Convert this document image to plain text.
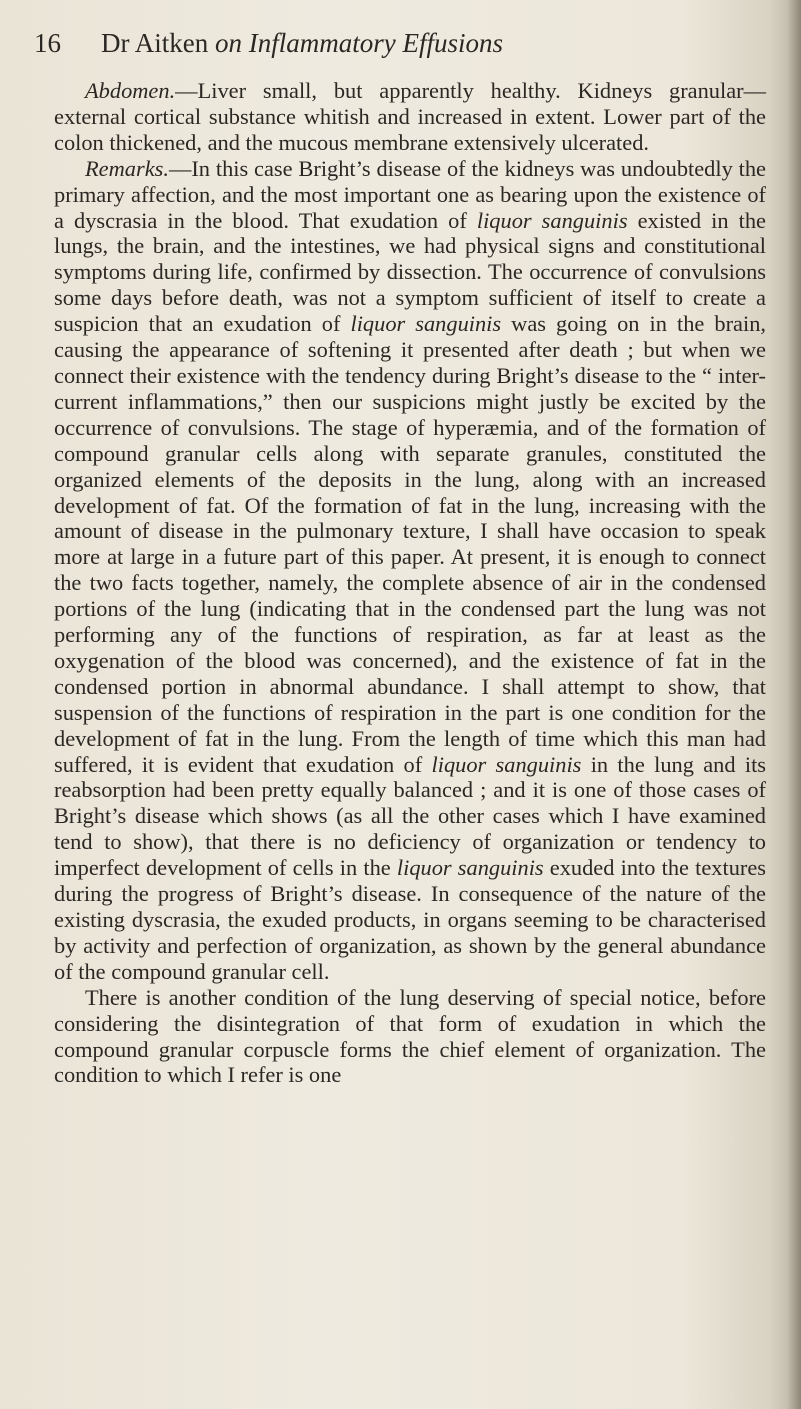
16 Dr Aitken on Inflammatory Effusions

Abdomen.—Liver small, but apparently healthy. Kidneys granular—external cortical substance whitish and increased in extent. Lower part of the colon thickened, and the mucous membrane extensively ulcerated.

Remarks.—In this case Bright’s disease of the kidneys was undoubtedly the primary affection, and the most important one as bearing upon the existence of a dyscrasia in the blood. That exudation of liquor sanguinis existed in the lungs, the brain, and the intestines, we had physical signs and constitutional symptoms during life, confirmed by dissection. The occurrence of convulsions some days before death, was not a symptom sufficient of itself to create a suspicion that an exudation of liquor sanguinis was going on in the brain, causing the appearance of softening it presented after death ; but when we connect their existence with the tendency during Bright’s disease to the “ inter-current inflammations,” then our suspicions might justly be excited by the occurrence of convulsions. The stage of hyperæmia, and of the formation of compound granular cells along with separate granules, constituted the organized elements of the deposits in the lung, along with an increased development of fat. Of the formation of fat in the lung, increasing with the amount of disease in the pulmonary texture, I shall have occasion to speak more at large in a future part of this paper. At present, it is enough to connect the two facts together, namely, the complete absence of air in the condensed portions of the lung (indicating that in the condensed part the lung was not performing any of the functions of respiration, as far at least as the oxygenation of the blood was concerned), and the existence of fat in the condensed portion in abnormal abundance. I shall attempt to show, that suspension of the functions of respiration in the part is one condition for the development of fat in the lung. From the length of time which this man had suffered, it is evident that exudation of liquor sanguinis in the lung and its reabsorption had been pretty equally balanced ; and it is one of those cases of Bright’s disease which shows (as all the other cases which I have examined tend to show), that there is no deficiency of organization or tendency to imperfect development of cells in the liquor sanguinis exuded into the textures during the progress of Bright’s disease. In consequence of the nature of the existing dyscrasia, the exuded products, in organs seeming to be characterised by activity and perfection of organization, as shown by the general abundance of the compound granular cell.

There is another condition of the lung deserving of special notice, before considering the disintegration of that form of exudation in which the compound granular corpuscle forms the chief element of organization. The condition to which I refer is one
